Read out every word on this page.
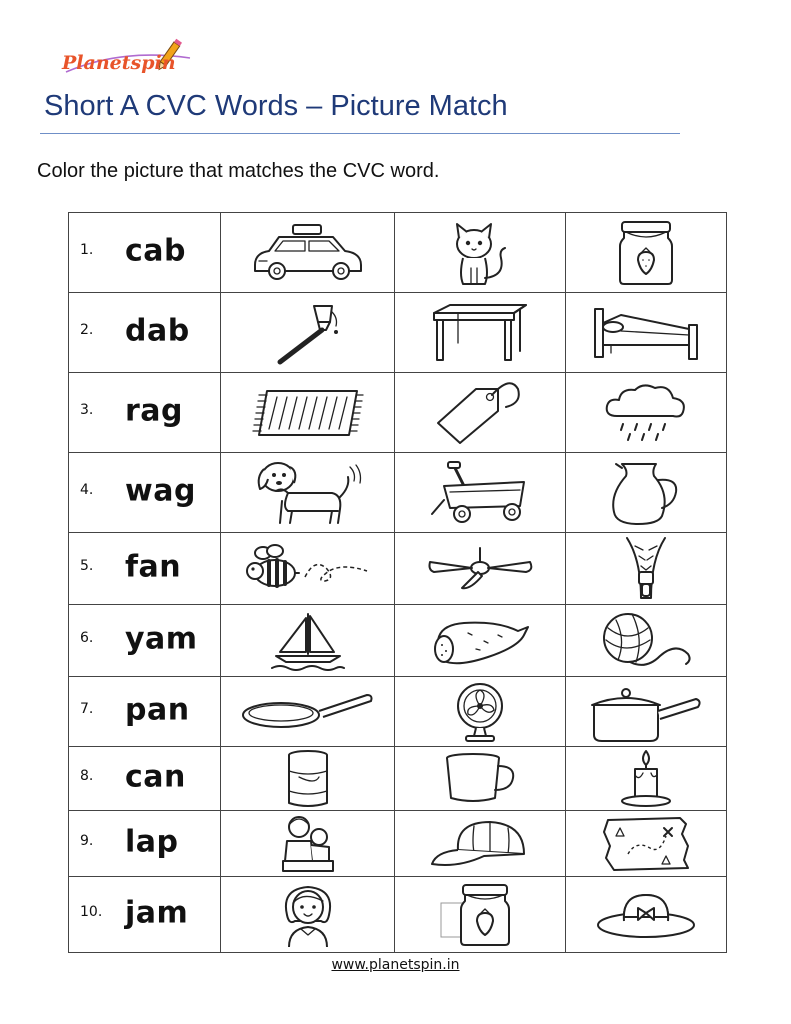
Planetspin
Short A CVC Words – Picture Match

Color the picture that matches the CVC word.

1. cab

2. dab

3. rag

4. wag

5. fan

6. yam

7. pan

8. can

9. lap

10. jam

www.planetspin.in
